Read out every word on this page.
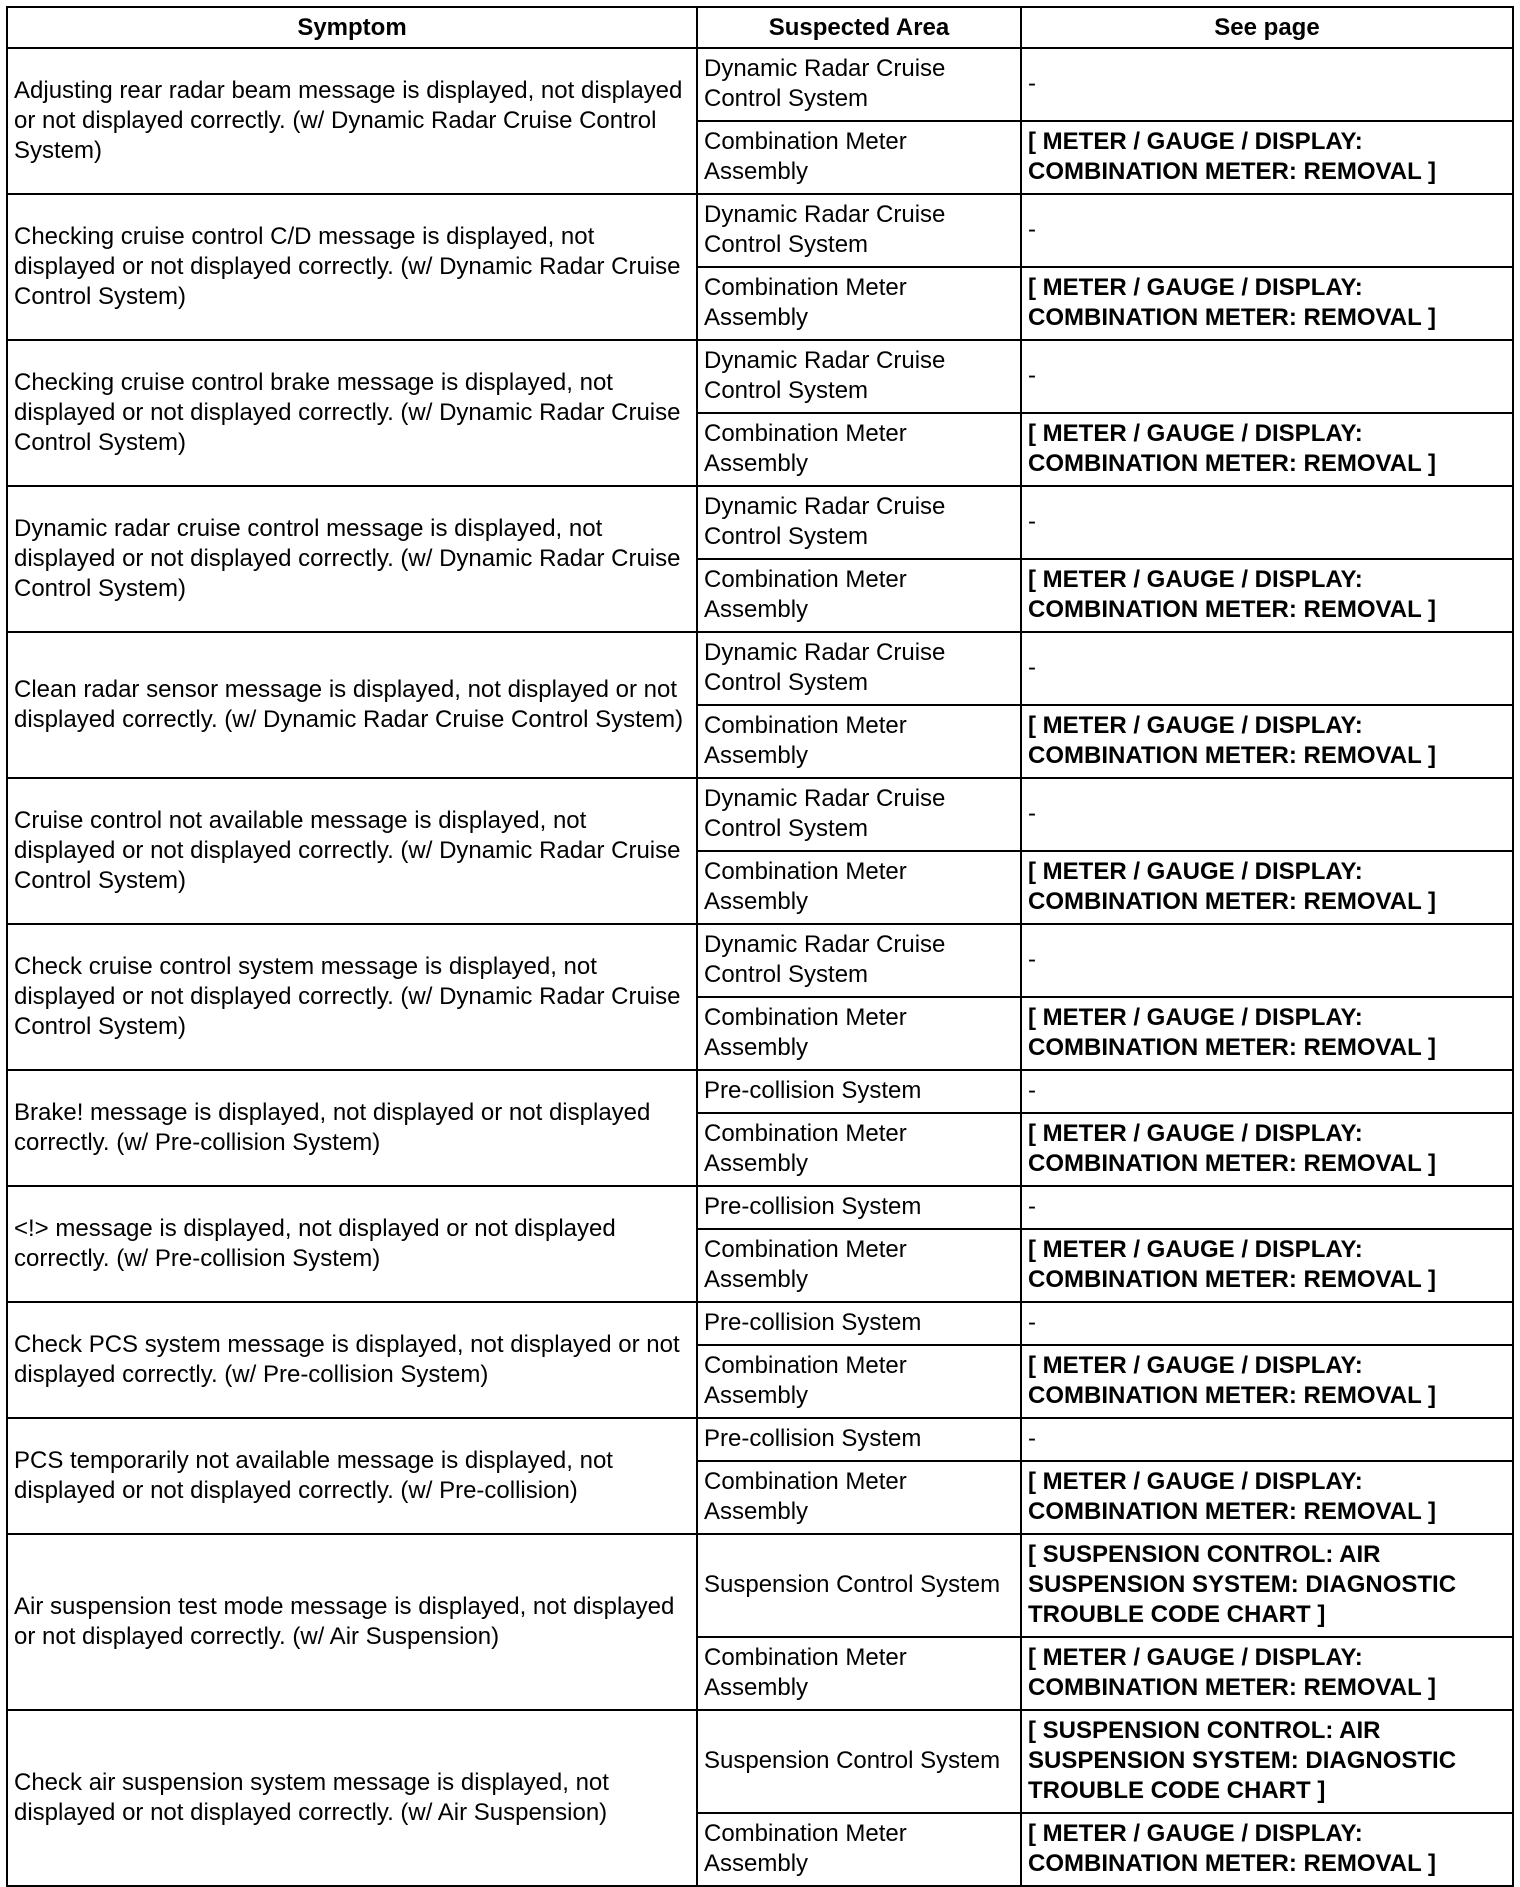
Symptom	Suspected Area	See page
Adjusting rear radar beam message is displayed, not displayed or not displayed correctly. (w/ Dynamic Radar Cruise Control System)	Dynamic Radar Cruise Control System	-
	Combination Meter Assembly	[ METER / GAUGE / DISPLAY: COMBINATION METER: REMOVAL ]
Checking cruise control C/D message is displayed, not displayed or not displayed correctly. (w/ Dynamic Radar Cruise Control System)	Dynamic Radar Cruise Control System	-
	Combination Meter Assembly	[ METER / GAUGE / DISPLAY: COMBINATION METER: REMOVAL ]
Checking cruise control brake message is displayed, not displayed or not displayed correctly. (w/ Dynamic Radar Cruise Control System)	Dynamic Radar Cruise Control System	-
	Combination Meter Assembly	[ METER / GAUGE / DISPLAY: COMBINATION METER: REMOVAL ]
Dynamic radar cruise control message is displayed, not displayed or not displayed correctly. (w/ Dynamic Radar Cruise Control System)	Dynamic Radar Cruise Control System	-
	Combination Meter Assembly	[ METER / GAUGE / DISPLAY: COMBINATION METER: REMOVAL ]
Clean radar sensor message is displayed, not displayed or not displayed correctly. (w/ Dynamic Radar Cruise Control System)	Dynamic Radar Cruise Control System	-
	Combination Meter Assembly	[ METER / GAUGE / DISPLAY: COMBINATION METER: REMOVAL ]
Cruise control not available message is displayed, not displayed or not displayed correctly. (w/ Dynamic Radar Cruise Control System)	Dynamic Radar Cruise Control System	-
	Combination Meter Assembly	[ METER / GAUGE / DISPLAY: COMBINATION METER: REMOVAL ]
Check cruise control system message is displayed, not displayed or not displayed correctly. (w/ Dynamic Radar Cruise Control System)	Dynamic Radar Cruise Control System	-
	Combination Meter Assembly	[ METER / GAUGE / DISPLAY: COMBINATION METER: REMOVAL ]
Brake! message is displayed, not displayed or not displayed correctly. (w/ Pre-collision System)	Pre-collision System	-
	Combination Meter Assembly	[ METER / GAUGE / DISPLAY: COMBINATION METER: REMOVAL ]
<!> message is displayed, not displayed or not displayed correctly. (w/ Pre-collision System)	Pre-collision System	-
	Combination Meter Assembly	[ METER / GAUGE / DISPLAY: COMBINATION METER: REMOVAL ]
Check PCS system message is displayed, not displayed or not displayed correctly. (w/ Pre-collision System)	Pre-collision System	-
	Combination Meter Assembly	[ METER / GAUGE / DISPLAY: COMBINATION METER: REMOVAL ]
PCS temporarily not available message is displayed, not displayed or not displayed correctly. (w/ Pre-collision)	Pre-collision System	-
	Combination Meter Assembly	[ METER / GAUGE / DISPLAY: COMBINATION METER: REMOVAL ]
Air suspension test mode message is displayed, not displayed or not displayed correctly. (w/ Air Suspension)	Suspension Control System	[ SUSPENSION CONTROL: AIR SUSPENSION SYSTEM: DIAGNOSTIC TROUBLE CODE CHART ]
	Combination Meter Assembly	[ METER / GAUGE / DISPLAY: COMBINATION METER: REMOVAL ]
Check air suspension system message is displayed, not displayed or not displayed correctly. (w/ Air Suspension)	Suspension Control System	[ SUSPENSION CONTROL: AIR SUSPENSION SYSTEM: DIAGNOSTIC TROUBLE CODE CHART ]
	Combination Meter Assembly	[ METER / GAUGE / DISPLAY: COMBINATION METER: REMOVAL ]
